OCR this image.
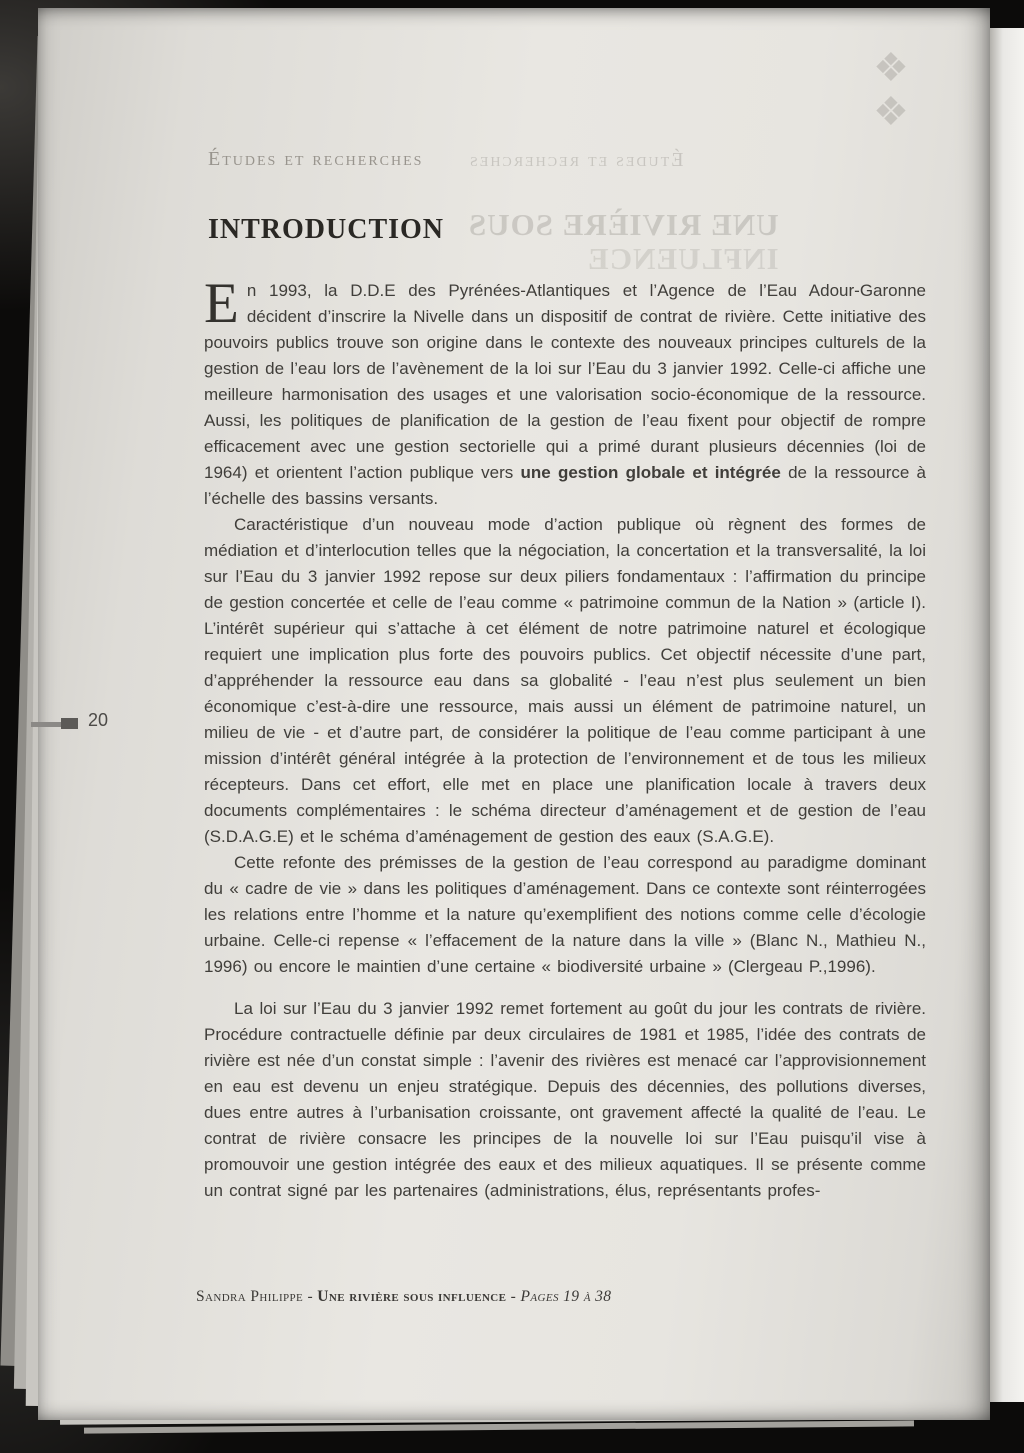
Études et recherches Études et recherches
❖
❖
INTRODUCTION UNE RIVIÈRE SOUS
INFLUENCE

En 1993, la D.D.E des Pyrénées-Atlantiques et l’Agence de l’Eau Adour-Garonne décident d’inscrire la Nivelle dans un dispositif de contrat de rivière. Cette initiative des pouvoirs publics trouve son origine dans le contexte des nouveaux principes culturels de la gestion de l’eau lors de l’avènement de la loi sur l’Eau du 3 janvier 1992. Celle-ci affiche une meilleure harmonisation des usages et une valorisation socio-économique de la ressource. Aussi, les politiques de planification de la gestion de l’eau fixent pour objectif de rompre efficacement avec une gestion sectorielle qui a primé durant plusieurs décennies (loi de 1964) et orientent l’action publique vers une gestion globale et intégrée de la ressource à l’échelle des bassins versants.

Caractéristique d’un nouveau mode d’action publique où règnent des formes de médiation et d’interlocution telles que la négociation, la concertation et la transversalité, la loi sur l’Eau du 3 janvier 1992 repose sur deux piliers fondamentaux : l’affirmation du principe de gestion concertée et celle de l’eau comme « patrimoine commun de la Nation » (article I). L’intérêt supérieur qui s’attache à cet élément de notre patrimoine naturel et écologique requiert une implication plus forte des pouvoirs publics. Cet objectif nécessite d’une part, d’appréhender la ressource eau dans sa globalité - l’eau n’est plus seulement un bien économique c’est-à-dire une ressource, mais aussi un élément de patrimoine naturel, un milieu de vie - et d’autre part, de considérer la politique de l’eau comme participant à une mission d’intérêt général intégrée à la protection de l’environnement et de tous les milieux récepteurs. Dans cet effort, elle met en place une planification locale à travers deux documents complémentaires : le schéma directeur d’aménagement et de gestion de l’eau (S.D.A.G.E) et le schéma d’aménagement de gestion des eaux (S.A.G.E).

Cette refonte des prémisses de la gestion de l’eau correspond au paradigme dominant du « cadre de vie » dans les politiques d’aménagement. Dans ce contexte sont réinterrogées les relations entre l’homme et la nature qu’exemplifient des notions comme celle d’écologie urbaine. Celle-ci repense « l’effacement de la nature dans la ville » (Blanc N., Mathieu N., 1996) ou encore le maintien d’une certaine « biodiversité urbaine » (Clergeau P.,1996).

La loi sur l’Eau du 3 janvier 1992 remet fortement au goût du jour les contrats de rivière. Procédure contractuelle définie par deux circulaires de 1981 et 1985, l’idée des contrats de rivière est née d’un constat simple : l’avenir des rivières est menacé car l’approvisionnement en eau est devenu un enjeu stratégique. Depuis des décennies, des pollutions diverses, dues entre autres à l’urbanisation croissante, ont gravement affecté la qualité de l’eau. Le contrat de rivière consacre les principes de la nouvelle loi sur l’Eau puisqu’il vise à promouvoir une gestion intégrée des eaux et des milieux aquatiques. Il se présente comme un contrat signé par les partenaires (administrations, élus, représentants profes-

Sandra Philippe - Une rivière sous influence - Pages 19 à 38
20
